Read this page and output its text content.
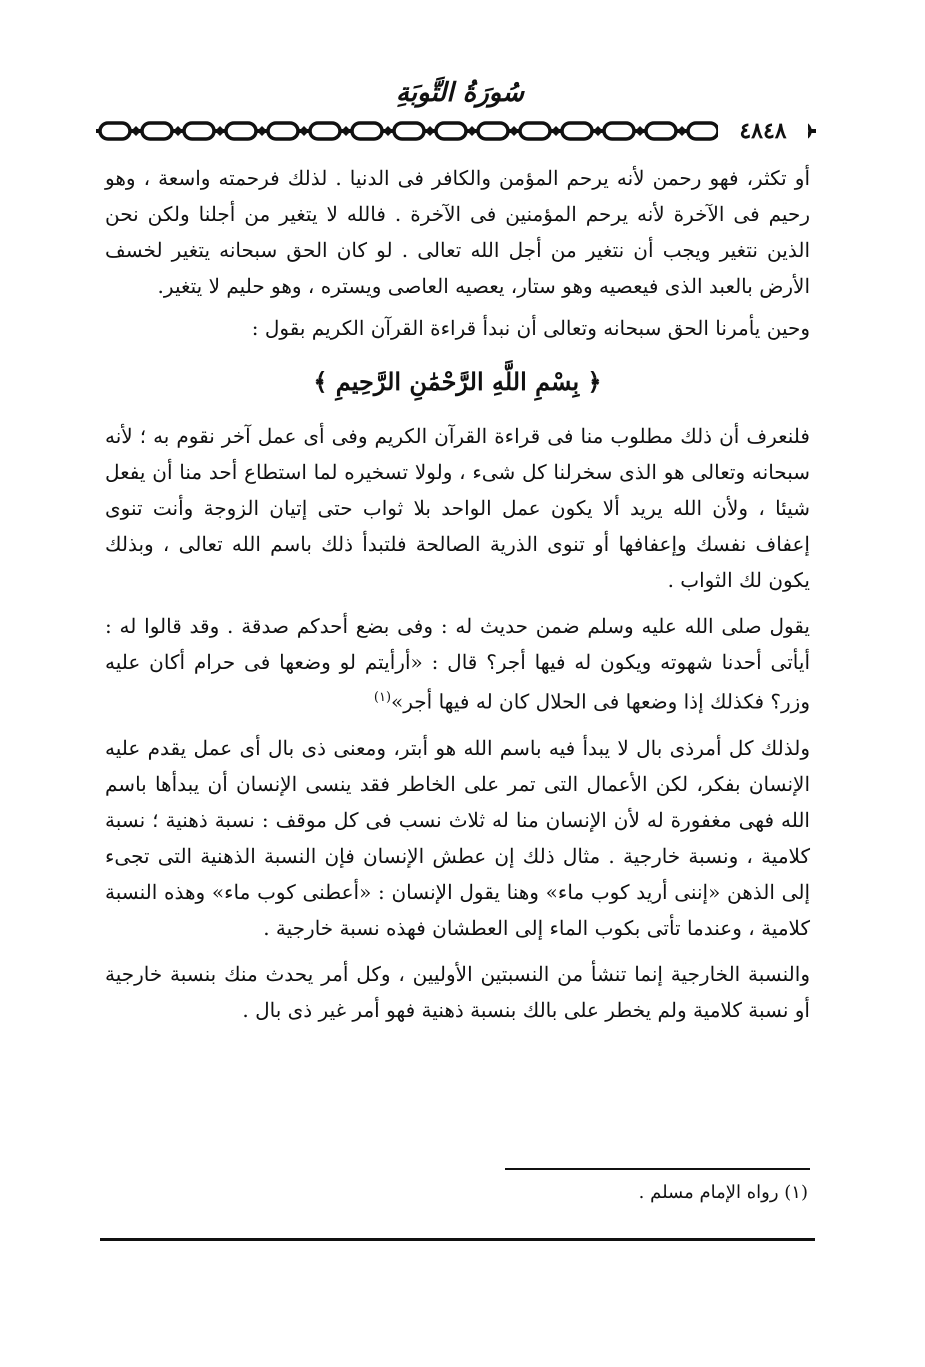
سُورَةُ التَّوبَةِ
٤٨٤٨

أو تكثر، فهو رحمن لأنه يرحم المؤمن والكافر فى الدنيا . لذلك فرحمته واسعة ، وهو رحيم فى الآخرة لأنه يرحم المؤمنين فى الآخرة . فالله لا يتغير من أجلنا ولكن نحن الذين نتغير ويجب أن نتغير من أجل الله تعالى . لو كان الحق سبحانه يتغير لخسف الأرض بالعبد الذى فيعصيه وهو ستار، يعصيه العاصى ويستره ، وهو حليم لا يتغير.

وحين يأمرنا الحق سبحانه وتعالى أن نبدأ قراءة القرآن الكريم بقول :

﴿ بِسْمِ اللَّهِ الرَّحْمَٰنِ الرَّحِيمِ ﴾

فلنعرف أن ذلك مطلوب منا فى قراءة القرآن الكريم وفى أى عمل آخر نقوم به ؛ لأنه سبحانه وتعالى هو الذى سخرلنا كل شىء ، ولولا تسخيره لما استطاع أحد منا أن يفعل شيئا ، ولأن الله يريد ألا يكون عمل الواحد بلا ثواب حتى إتيان الزوجة وأنت تنوى إعفاف نفسك وإعفافها أو تنوى الذرية الصالحة فلتبدأ ذلك باسم الله تعالى ، وبذلك يكون لك الثواب .

يقول صلى الله عليه وسلم ضمن حديث له : وفى بضع أحدكم صدقة . وقد قالوا له : أيأتى أحدنا شهوته ويكون له فيها أجر؟ قال : «أرأيتم لو وضعها فى حرام أكان عليه وزر؟ فكذلك إذا وضعها فى الحلال كان له فيها أجر»$^{(١)}$

ولذلك كل أمرذى بال لا يبدأ فيه باسم الله هو أبتر، ومعنى ذى بال أى عمل يقدم عليه الإنسان بفكر، لكن الأعمال التى تمر على الخاطر فقد ينسى الإنسان أن يبدأها باسم الله فهى مغفورة له لأن الإنسان منا له ثلاث نسب فى كل موقف : نسبة ذهنية ؛ نسبة كلامية ، ونسبة خارجية . مثال ذلك إن عطش الإنسان فإن النسبة الذهنية التى تجىء إلى الذهن «إننى أريد كوب ماء» وهنا يقول الإنسان : «أعطنى كوب ماء» وهذه النسبة كلامية ، وعندما تأتى بكوب الماء إلى العطشان فهذه نسبة خارجية .

والنسبة الخارجية إنما تنشأ من النسبتين الأوليين ، وكل أمر يحدث منك بنسبة خارجية أو نسبة كلامية ولم يخطر على بالك بنسبة ذهنية فهو أمر غير ذى بال .

(١) رواه الإمام مسلم .
